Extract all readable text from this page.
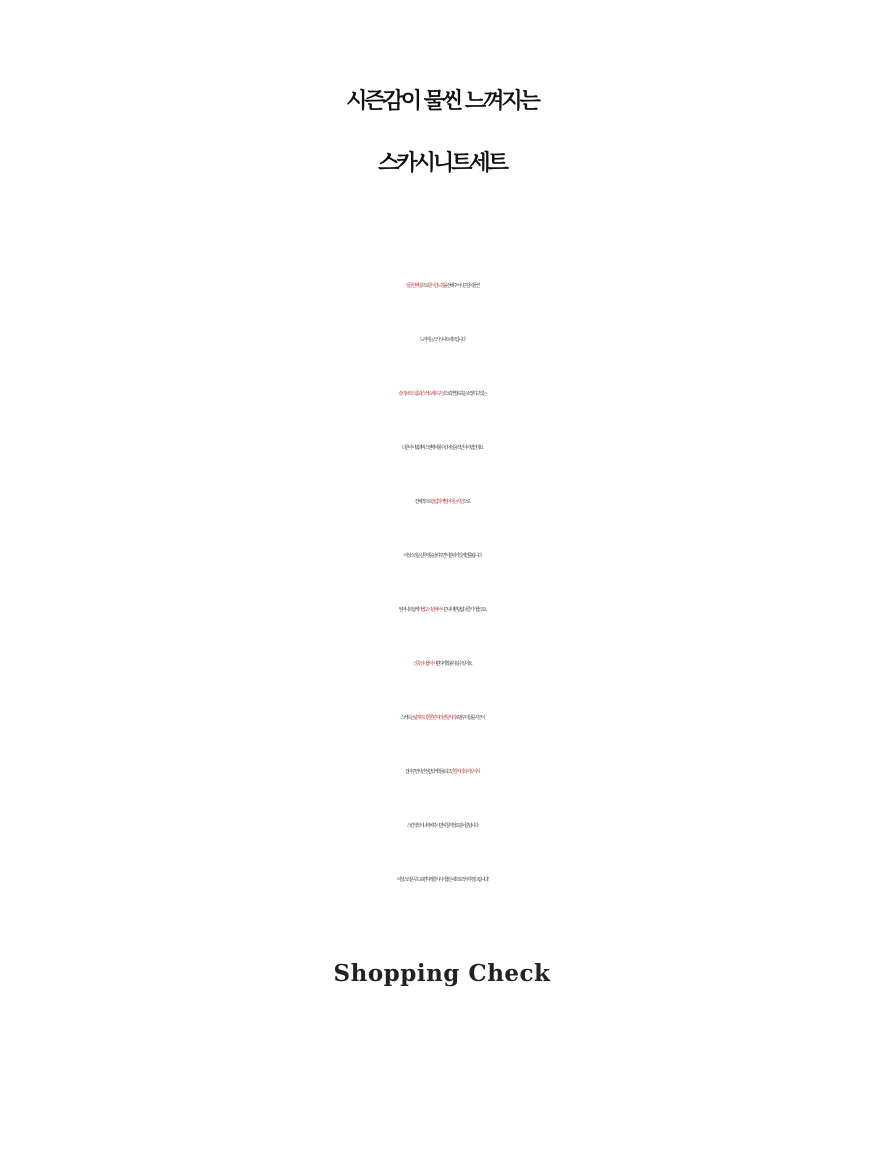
시즌감이 물씬 느껴지는
스카시니트세트

성글한 짜임으로 쿨~한 느낌을 전해주어 시즌감이 물씬

느껴지는 스카시니트세트 입니다

슬리브리스톱과 스커트 세트 구성으로 한벌로 혹은 소장하고 있는

다른 아이템과 믹스앤 매치할 수 있어 실용적인 아이템인데요

전체적으로 슬림하게 떨어지는 라인으로

여성스러운 실루엣을 살려주면서 분위기있게 연출됩니다

썸머니트답게 가볍고 시원해서 시즌내내 부담없이 즐기기 좋고요

신축성이 좋아서 편하게 착용 하실 수 있어요

스커트는 넓직하고 쫀쫀한 허리밴딩처리로 옆구리살을 지긋이

잡아주면서 안정감있게 착용되고 안감처리 되어 있어서

스킨색의 이너 매치하시면 비침걱정도 덜어준답니다

여성스러운 무드로 편하게 즐기시기 좋은 세트로 적극 추천드립니다!

Shopping Check
